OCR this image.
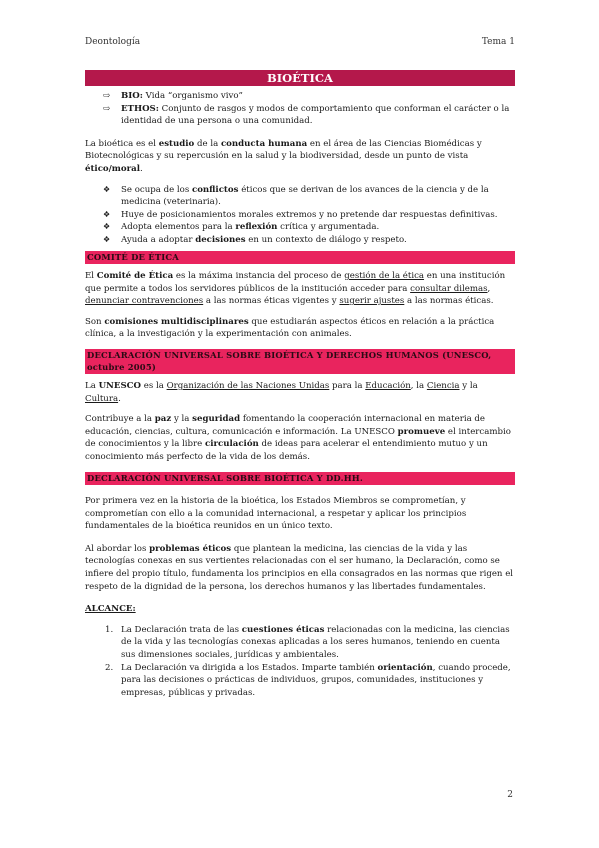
Deontología	Tema 1
BIOÉTICA
⇨ BIO: Vida “organismo vivo”
⇨ ETHOS: Conjunto de rasgos y modos de comportamiento que conforman el carácter o la identidad de una persona o una comunidad.

La bioética es el estudio de la conducta humana en el área de las Ciencias Biomédicas y Biotecnológicas y su repercusión en la salud y la biodiversidad, desde un punto de vista ético/moral.

❖ Se ocupa de los conflictos éticos que se derivan de los avances de la ciencia y de la medicina (veterinaria).
❖ Huye de posicionamientos morales extremos y no pretende dar respuestas definitivas.
❖ Adopta elementos para la reflexión crítica y argumentada.
❖ Ayuda a adoptar decisiones en un contexto de diálogo y respeto.
COMITÉ DE ÉTICA

El Comité de Ética es la máxima instancia del proceso de gestión de la ética en una institución que permite a todos los servidores públicos de la institución acceder para consultar dilemas, denunciar contravenciones a las normas éticas vigentes y sugerir ajustes a las normas éticas.

Son comisiones multidisciplinares que estudiarán aspectos éticos en relación a la práctica clínica, a la investigación y la experimentación con animales.

DECLARACIÓN UNIVERSAL SOBRE BIOÉTICA Y DERECHOS HUMANOS (UNESCO, octubre 2005)

La UNESCO es la Organización de las Naciones Unidas para la Educación, la Ciencia y la Cultura.

Contribuye a la paz y la seguridad fomentando la cooperación internacional en materia de educación, ciencias, cultura, comunicación e información. La UNESCO promueve el intercambio de conocimientos y la libre circulación de ideas para acelerar el entendimiento mutuo y un conocimiento más perfecto de la vida de los demás.

DECLARACIÓN UNIVERSAL SOBRE BIOÉTICA Y DD.HH.

Por primera vez en la historia de la bioética, los Estados Miembros se comprometían, y comprometían con ello a la comunidad internacional, a respetar y aplicar los principios fundamentales de la bioética reunidos en un único texto.

Al abordar los problemas éticos que plantean la medicina, las ciencias de la vida y las tecnologías conexas en sus vertientes relacionadas con el ser humano, la Declaración, como se infiere del propio título, fundamenta los principios en ella consagrados en las normas que rigen el respeto de la dignidad de la persona, los derechos humanos y las libertades fundamentales.

ALCANCE:

1. La Declaración trata de las cuestiones éticas relacionadas con la medicina, las ciencias de la vida y las tecnologías conexas aplicadas a los seres humanos, teniendo en cuenta sus dimensiones sociales, jurídicas y ambientales.
2. La Declaración va dirigida a los Estados. Imparte también orientación, cuando procede, para las decisiones o prácticas de individuos, grupos, comunidades, instituciones y empresas, públicas y privadas.
2
